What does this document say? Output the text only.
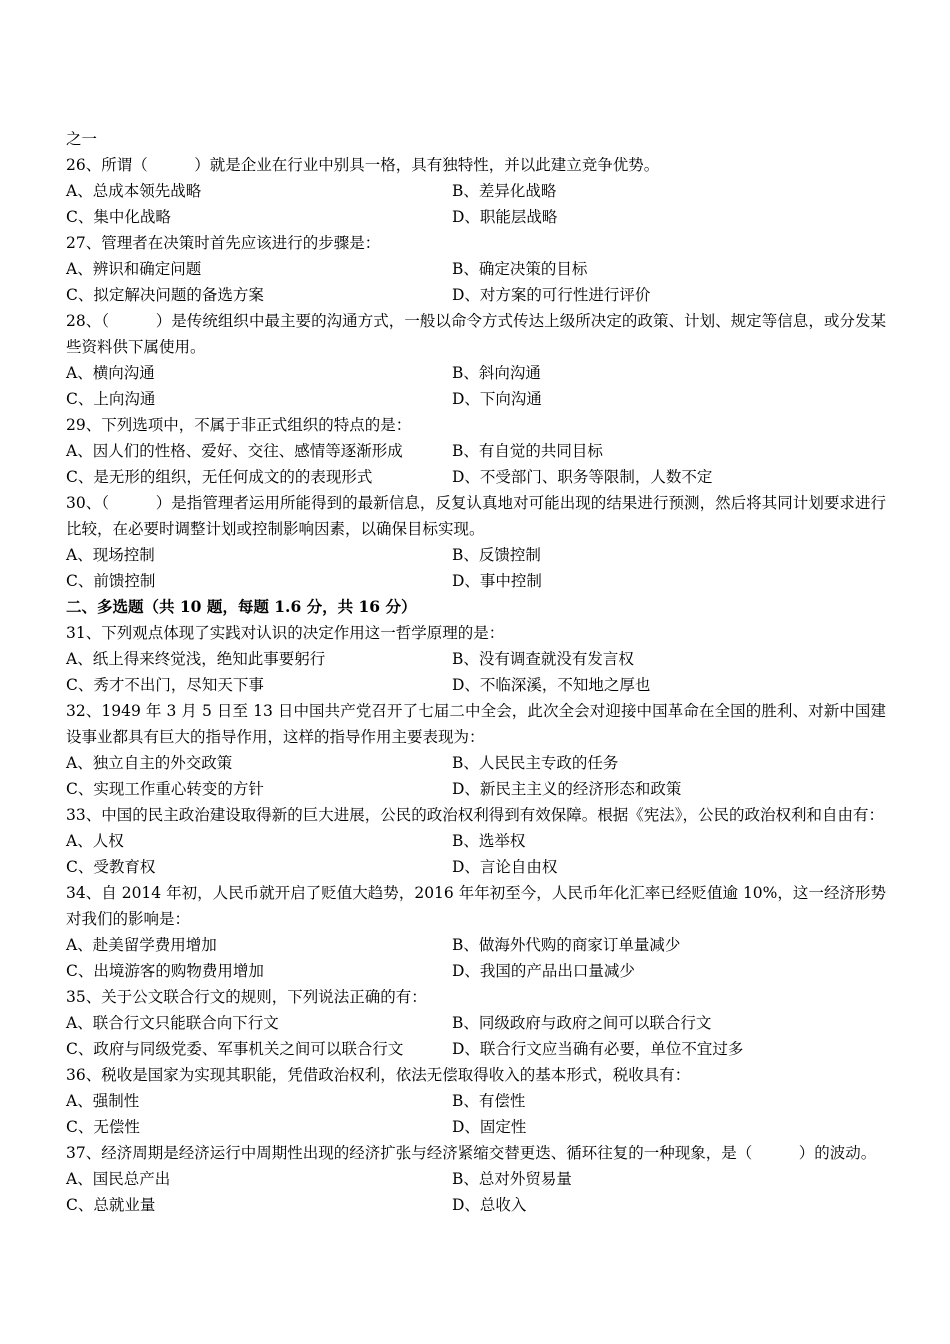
之一
26、所谓（　　　）就是企业在行业中别具一格，具有独特性，并以此建立竞争优势。
A、总成本领先战略	B、差异化战略
C、集中化战略	D、职能层战略
27、管理者在决策时首先应该进行的步骤是：
A、辨识和确定问题	B、确定决策的目标
C、拟定解决问题的备选方案	D、对方案的可行性进行评价
28、（　　　）是传统组织中最主要的沟通方式，一般以命令方式传达上级所决定的政策、计划、规定等信息，或分发某些资料供下属使用。
A、横向沟通	B、斜向沟通
C、上向沟通	D、下向沟通
29、下列选项中，不属于非正式组织的特点的是：
A、因人们的性格、爱好、交往、感情等逐渐形成	B、有自觉的共同目标
C、是无形的组织，无任何成文的的表现形式	D、不受部门、职务等限制，人数不定
30、（　　　）是指管理者运用所能得到的最新信息，反复认真地对可能出现的结果进行预测，然后将其同计划要求进行比较，在必要时调整计划或控制影响因素，以确保目标实现。
A、现场控制	B、反馈控制
C、前馈控制	D、事中控制
二、多选题（共 10 题，每题 1.6 分，共 16 分）
31、下列观点体现了实践对认识的决定作用这一哲学原理的是：
A、纸上得来终觉浅，绝知此事要躬行	B、没有调查就没有发言权
C、秀才不出门，尽知天下事	D、不临深溪，不知地之厚也
32、1949 年 3 月 5 日至 13 日中国共产党召开了七届二中全会，此次全会对迎接中国革命在全国的胜利、对新中国建设事业都具有巨大的指导作用，这样的指导作用主要表现为：
A、独立自主的外交政策	B、人民民主专政的任务
C、实现工作重心转变的方针	D、新民主主义的经济形态和政策
33、中国的民主政治建设取得新的巨大进展，公民的政治权利得到有效保障。根据《宪法》，公民的政治权利和自由有：
A、人权	B、选举权
C、受教育权	D、言论自由权
34、自 2014 年初，人民币就开启了贬值大趋势，2016 年年初至今，人民币年化汇率已经贬值逾 10%，这一经济形势对我们的影响是：
A、赴美留学费用增加	B、做海外代购的商家订单量减少
C、出境游客的购物费用增加	D、我国的产品出口量减少
35、关于公文联合行文的规则，下列说法正确的有：
A、联合行文只能联合向下行文	B、同级政府与政府之间可以联合行文
C、政府与同级党委、军事机关之间可以联合行文	D、联合行文应当确有必要，单位不宜过多
36、税收是国家为实现其职能，凭借政治权利，依法无偿取得收入的基本形式，税收具有：
A、强制性	B、有偿性
C、无偿性	D、固定性
37、经济周期是经济运行中周期性出现的经济扩张与经济紧缩交替更迭、循环往复的一种现象，是（　　　）的波动。
A、国民总产出	B、总对外贸易量
C、总就业量	D、总收入
